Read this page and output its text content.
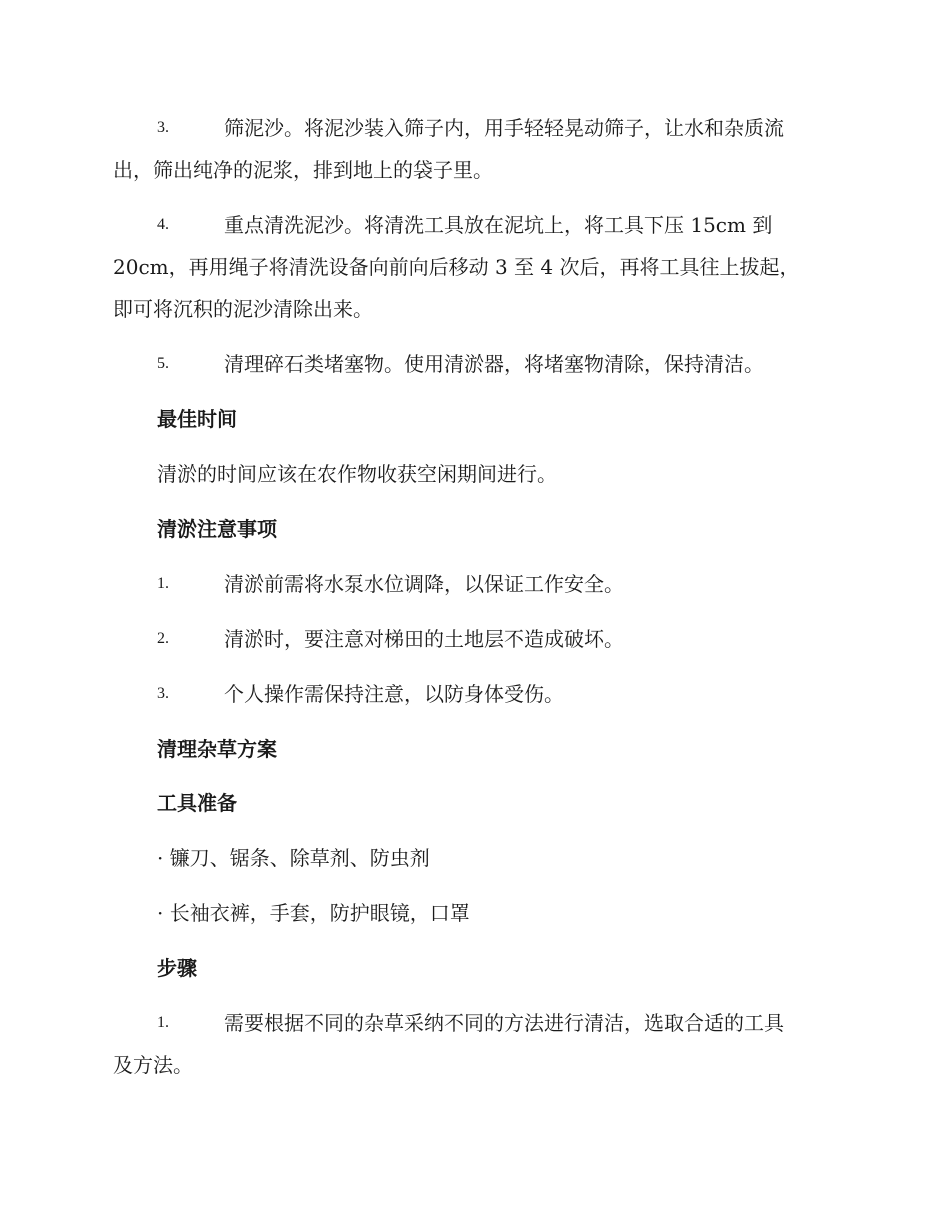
3.	筛泥沙。将泥沙装入筛子内，用手轻轻晃动筛子，让水和杂质流
出，筛出纯净的泥浆，排到地上的袋子里。
4.	重点清洗泥沙。将清洗工具放在泥坑上，将工具下压 15cm 到
20cm，再用绳子将清洗设备向前向后移动 3 至 4 次后，再将工具往上拔起，
即可将沉积的泥沙清除出来。
5.	清理碎石类堵塞物。使用清淤器，将堵塞物清除，保持清洁。
最佳时间
清淤的时间应该在农作物收获空闲期间进行。
清淤注意事项
1.	清淤前需将水泵水位调降，以保证工作安全。
2.	清淤时，要注意对梯田的土地层不造成破坏。
3.	个人操作需保持注意，以防身体受伤。
清理杂草方案
工具准备
· 镰刀、锯条、除草剂、防虫剂
· 长袖衣裤，手套，防护眼镜，口罩
步骤
1.	需要根据不同的杂草采纳不同的方法进行清洁，选取合适的工具
及方法。
